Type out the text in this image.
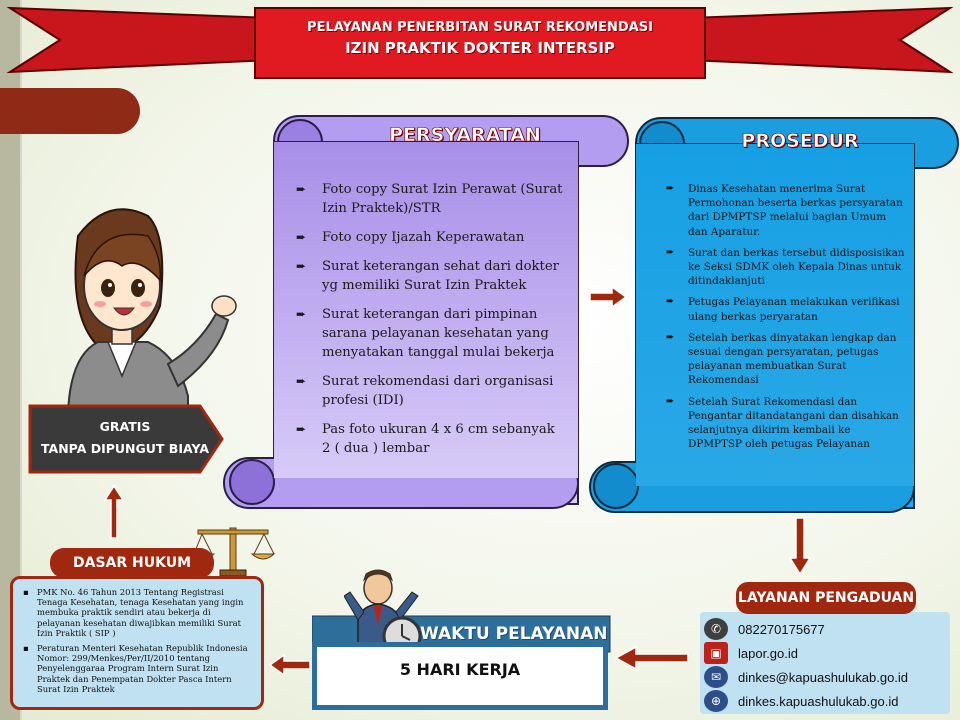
PELAYANAN PENERBITAN SURAT REKOMENDASI
IZIN PRAKTIK DOKTER INTERSIP
PERSYARATAN
➨ Foto copy Surat Izin Perawat (Surat Izin Praktek)/STR
➨ Foto copy Ijazah Keperawatan
➨ Surat keterangan sehat dari dokter yg memiliki Surat Izin Praktek
➨ Surat keterangan dari pimpinan sarana pelayanan kesehatan yang menyatakan tanggal mulai bekerja
➨ Surat rekomendasi dari organisasi profesi (IDI)
➨ Pas foto ukuran 4 x 6 cm sebanyak 2 ( dua ) lembar
PROSEDUR
➨ Dinas Kesehatan menerima Surat Permohonan beserta berkas persyaratan dari DPMPTSP melalui bagian Umum dan Aparatur.
➨ Surat dan berkas tersebut didisposisikan ke Seksi SDMK oleh Kepala Dinas untuk ditindaklanjuti
➨ Petugas Pelayanan melakukan verifikasi ulang berkas peryaratan
➨ Setelah berkas dinyatakan lengkap dan sesuai dengan persyaratan, petugas pelayanan membuatkan Surat Rekomendasi
➨ Setelah Surat Rekomendasi dan Pengantar ditandatangani dan disahkan selanjutnya dikirim kembali ke DPMPTSP oleh petugas Pelayanan
GRATIS
TANPA DIPUNGUT BIAYA
▪ PMK No. 46 Tahun 2013 Tentang Registrasi Tenaga Kesehatan, tenaga Kesehatan yang ingin membuka praktik sendiri atau bekerja di pelayanan kesehatan diwajibkan memiliki Surat Izin Praktik ( SIP )
▪ Peraturan Menteri Kesehatan Republik Indonesia Nomor: 299/Menkes/Per/II/2010 tentang Penyelenggaraa Program Intern Surat Izin Praktek dan Penempatan Dokter Pasca Intern Surat Izin Praktek
DASAR HUKUM
WAKTU PELAYANAN
5 HARI KERJA
LAYANAN PENGADUAN
✆	082270175677
▣	lapor.go.id
✉	dinkes@kapuashulukab.go.id
⊕	dinkes.kapuashulukab.go.id
